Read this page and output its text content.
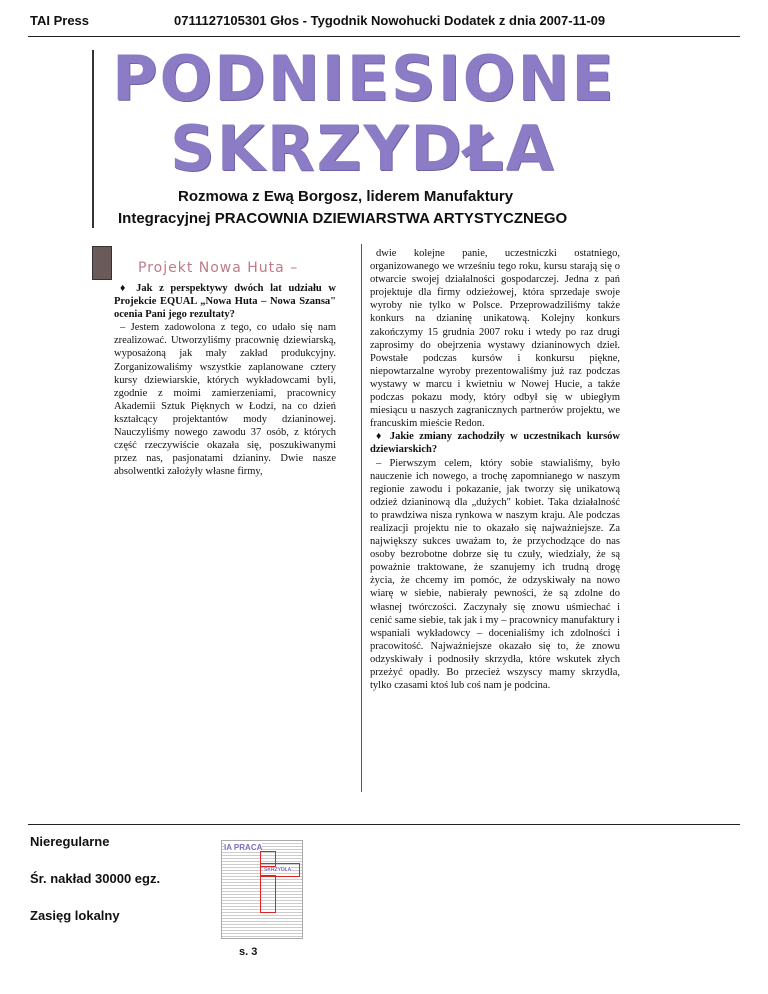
TAI Press	0711127105301 Głos - Tygodnik Nowohucki Dodatek z dnia 2007-11-09
PODNIESIONE
SKRZYDŁA
Rozmowa z Ewą Borgosz, liderem Manufaktury
Integracyjnej PRACOWNIA DZIEWIARSTWA ARTYSTYCZNEGO
Projekt Nowa Huta –

♦ Jak z perspektywy dwóch lat udziału w Projekcie EQUAL „Nowa Huta – Nowa Szansa" ocenia Pani jego rezultaty?

– Jestem zadowolona z tego, co udało się nam zrealizować. Utworzyliśmy pracownię dziewiarską, wyposażoną jak mały zakład produkcyjny. Zorganizowaliśmy wszystkie zaplanowane cztery kursy dziewiarskie, których wykładowcami byli, zgodnie z moimi zamierzeniami, pracownicy Akademii Sztuk Pięknych w Łodzi, na co dzień kształcący projektantów mody dzianinowej. Nauczyliśmy nowego zawodu 37 osób, z których część rzeczywiście okazała się, poszukiwanymi przez nas, pasjonatami dzianiny. Dwie nasze absolwentki założyły własne firmy,

dwie kolejne panie, uczestniczki ostatniego, organizowanego we wrześniu tego roku, kursu starają się o otwarcie swojej działalności gospodarczej. Jedna z pań projektuje dla firmy odzieżowej, która sprzedaje swoje wyroby nie tylko w Polsce. Przeprowadziliśmy także konkurs na dzianinę unikatową. Kolejny konkurs zakończymy 15 grudnia 2007 roku i wtedy po raz drugi zaprosimy do obejrzenia wystawy dzianinowych dzieł. Powstałe podczas kursów i konkursu piękne, niepowtarzalne wyroby prezentowaliśmy już raz podczas wystawy w marcu i kwietniu w Nowej Hucie, a także podczas pokazu mody, który odbył się w ubiegłym miesiącu u naszych zagranicznych partnerów projektu, we francuskim mieście Redon.

♦ Jakie zmiany zachodziły w uczestnikach kursów dziewiarskich?

– Pierwszym celem, który sobie stawialiśmy, było nauczenie ich nowego, a trochę zapomnianego w naszym regionie zawodu i pokazanie, jak tworzy się unikatową odzież dzianinową dla „dużych" kobiet. Taka działalność to prawdziwa nisza rynkowa w naszym kraju. Ale podczas realizacji projektu nie to okazało się najważniejsze. Za największy sukces uważam to, że przychodzące do nas osoby bezrobotne dobrze się tu czuły, wiedziały, że są poważnie traktowane, że szanujemy ich trudną drogę życia, że chcemy im pomóc, że odzyskiwały na nowo wiarę w siebie, nabierały pewności, że są zdolne do własnej twórczości. Zaczynały się znowu uśmiechać i cenić same siebie, tak jak i my – pracownicy manufaktury i wspaniali wykładowcy – docenialiśmy ich zdolności i pracowitość. Najważniejsze okazało się to, że znowu odzyskiwały i podnosiły skrzydła, które wskutek złych przeżyć opadły. Bo przecież wszyscy mamy skrzydła, tylko czasami ktoś lub coś nam je podcina.

Nieregularne
Śr. nakład 30000 egz.
Zasięg lokalny
IA PRACA
SKRZYDŁA
s. 3
